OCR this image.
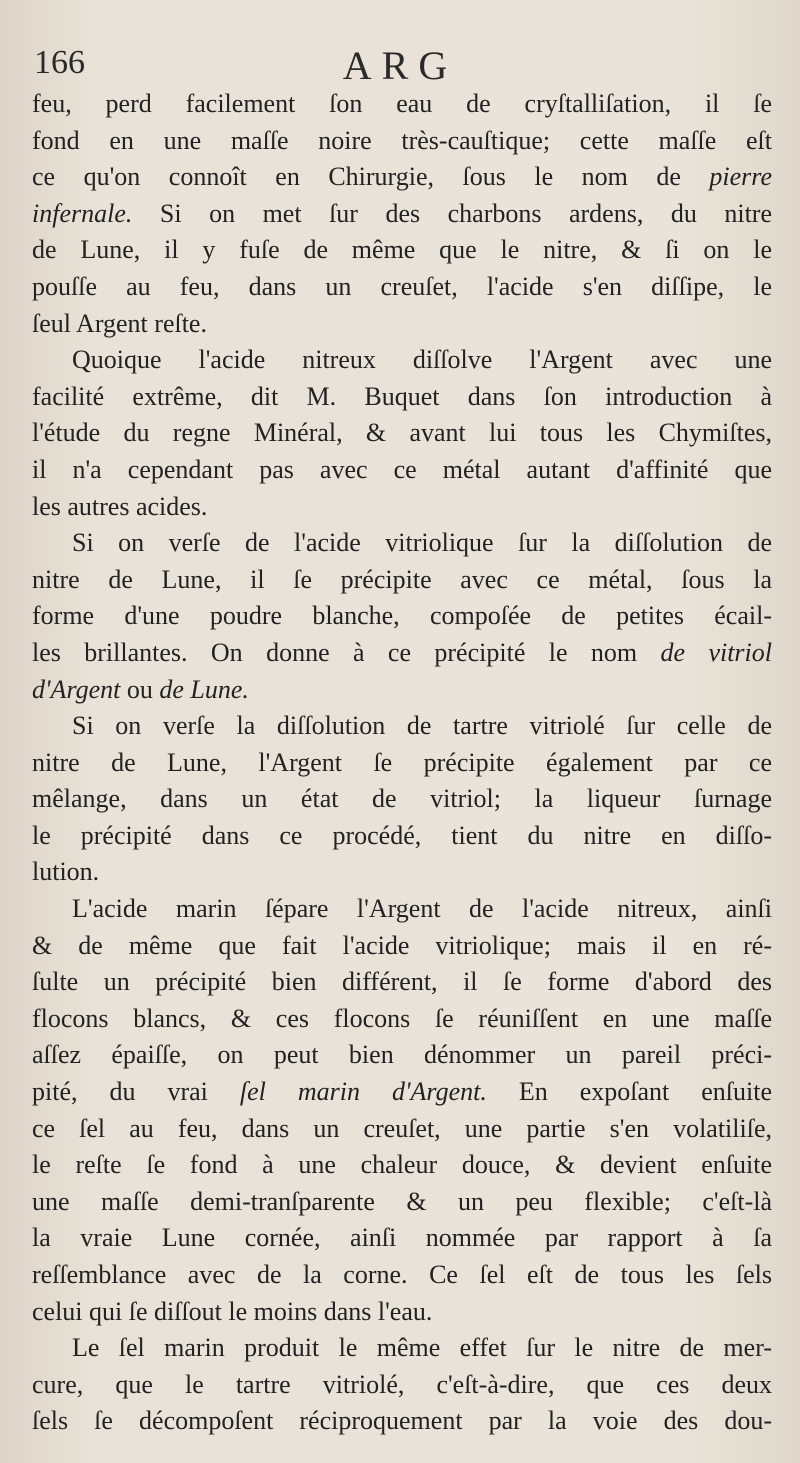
166	ARG
feu, perd facilement ſon eau de cryſtalliſation, il ſe
fond en une maſſe noire très-cauſtique; cette maſſe eſt
ce qu'on connoît en Chirurgie, ſous le nom de pierre
infernale. Si on met ſur des charbons ardens, du nitre
de Lune, il y fuſe de même que le nitre, & ſi on le
pouſſe au feu, dans un creuſet, l'acide s'en diſſipe, le
ſeul Argent reſte.
Quoique l'acide nitreux diſſolve l'Argent avec une
facilité extrême, dit M. Buquet dans ſon introduction à
l'étude du regne Minéral, & avant lui tous les Chymiſtes,
il n'a cependant pas avec ce métal autant d'affinité que
les autres acides.
Si on verſe de l'acide vitriolique ſur la diſſolution de
nitre de Lune, il ſe précipite avec ce métal, ſous la
forme d'une poudre blanche, compoſée de petites écail-
les brillantes. On donne à ce précipité le nom de vitriol
d'Argent ou de Lune.
Si on verſe la diſſolution de tartre vitriolé ſur celle de
nitre de Lune, l'Argent ſe précipite également par ce
mêlange, dans un état de vitriol; la liqueur ſurnage
le précipité dans ce procédé, tient du nitre en diſſo-
lution.
L'acide marin ſépare l'Argent de l'acide nitreux, ainſi
& de même que fait l'acide vitriolique; mais il en ré-
ſulte un précipité bien différent, il ſe forme d'abord des
flocons blancs, & ces flocons ſe réuniſſent en une maſſe
aſſez épaiſſe, on peut bien dénommer un pareil préci-
pité, du vrai ſel marin d'Argent. En expoſant enſuite
ce ſel au feu, dans un creuſet, une partie s'en volatiliſe,
le reſte ſe fond à une chaleur douce, & devient enſuite
une maſſe demi-tranſparente & un peu flexible; c'eſt-là
la vraie Lune cornée, ainſi nommée par rapport à ſa
reſſemblance avec de la corne. Ce ſel eſt de tous les ſels
celui qui ſe diſſout le moins dans l'eau.
Le ſel marin produit le même effet ſur le nitre de mer-
cure, que le tartre vitriolé, c'eſt-à-dire, que ces deux
ſels ſe décompoſent réciproquement par la voie des dou-
